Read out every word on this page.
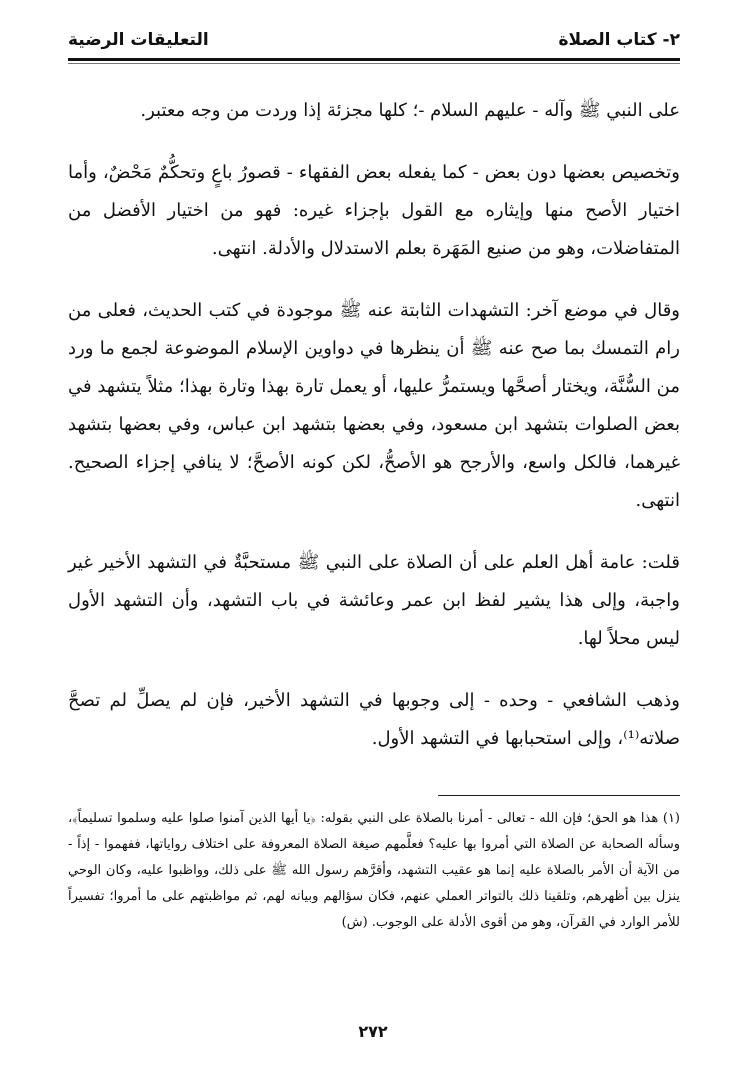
٢- كتاب الصلاة
التعليقات الرضية

على النبي ﷺ وآله - عليهم السلام -؛ كلها مجزئة إذا وردت من وجه معتبر.

وتخصيص بعضها دون بعض - كما يفعله بعض الفقهاء - قصورُ باعٍ وتحكُّمٌ مَحْضٌ، وأما اختيار الأصح منها وإيثاره مع القول بإجزاء غيره: فهو من اختيار الأفضل من المتفاضلات، وهو من صنيع المَهَرة بعلم الاستدلال والأدلة. انتهى.

وقال في موضع آخر: التشهدات الثابتة عنه ﷺ موجودة في كتب الحديث، فعلى من رام التمسك بما صح عنه ﷺ أن ينظرها في دواوين الإسلام الموضوعة لجمع ما ورد من السُّنَّة، ويختار أصحَّها ويستمرُّ عليها، أو يعمل تارة بهذا وتارة بهذا؛ مثلاً يتشهد في بعض الصلوات بتشهد ابن مسعود، وفي بعضها بتشهد ابن عباس، وفي بعضها بتشهد غيرهما، فالكل واسع، والأرجح هو الأصحُّ، لكن كونه الأصحَّ؛ لا ينافي إجزاء الصحيح. انتهى.

قلت: عامة أهل العلم على أن الصلاة على النبي ﷺ مستحبَّةٌ في التشهد الأخير غير واجبة، وإلى هذا يشير لفظ ابن عمر وعائشة في باب التشهد، وأن التشهد الأول ليس محلاً لها.

وذهب الشافعي - وحده - إلى وجوبها في التشهد الأخير، فإن لم يصلِّ لم تصحَّ صلاته⁽¹⁾، وإلى استحبابها في التشهد الأول.

(١) هذا هو الحق؛ فإن الله - تعالى - أمرنا بالصلاة على النبي بقوله: ﴿يا أيها الذين آمنوا صلوا عليه وسلموا تسليماً﴾، وسأله الصحابة عن الصلاة التي أمروا بها عليه؟ فعلَّمهم صيغة الصلاة المعروفة على اختلاف رواياتها، ففهموا - إذاً - من الآية أن الأمر بالصلاة عليه إنما هو عقيب التشهد، وأقرَّهم رسول الله ﷺ على ذلك، وواظبوا عليه، وكان الوحي ينزل بين أظهرهم، وتلقينا ذلك بالتواتر العملي عنهم، فكان سؤالهم وبيانه لهم، ثم مواظبتهم على ما أمروا؛ تفسيراً للأمر الوارد في القرآن، وهو من أقوى الأدلة على الوجوب. (ش)

٢٧٢
